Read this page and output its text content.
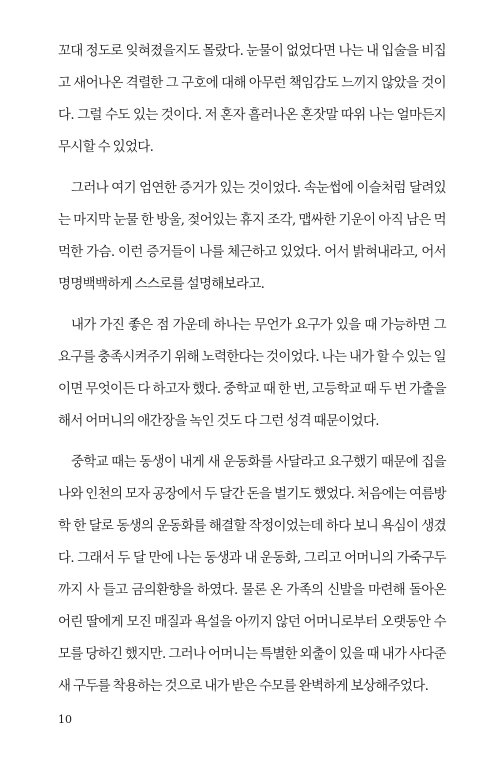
꼬대 정도로 잊혀졌을지도 몰랐다. 눈물이 없었다면 나는 내 입술을 비집고 새어나온 격렬한 그 구호에 대해 아무런 책임감도 느끼지 않았을 것이다. 그럴 수도 있는 것이다. 저 혼자 흘러나온 혼잣말 따위 나는 얼마든지 무시할 수 있었다.

그러나 여기 엄연한 증거가 있는 것이었다. 속눈썹에 이슬처럼 달려있는 마지막 눈물 한 방울, 젖어있는 휴지 조각, 맵싸한 기운이 아직 남은 먹먹한 가슴. 이런 증거들이 나를 체근하고 있었다. 어서 밝혀내라고, 어서 명명백백하게 스스로를 설명해보라고.

내가 가진 좋은 점 가운데 하나는 무언가 요구가 있을 때 가능하면 그 요구를 충족시켜주기 위해 노력한다는 것이었다. 나는 내가 할 수 있는 일이면 무엇이든 다 하고자 했다. 중학교 때 한 번, 고등학교 때 두 번 가출을 해서 어머니의 애간장을 녹인 것도 다 그런 성격 때문이었다.

중학교 때는 동생이 내게 새 운동화를 사달라고 요구했기 때문에 집을 나와 인천의 모자 공장에서 두 달간 돈을 벌기도 했었다. 처음에는 여름방학 한 달로 동생의 운동화를 해결할 작정이었는데 하다 보니 욕심이 생겼다. 그래서 두 달 만에 나는 동생과 내 운동화, 그리고 어머니의 가죽구두까지 사 들고 금의환향을 하였다. 물론 온 가족의 신발을 마련해 돌아온 어린 딸에게 모진 매질과 욕설을 아끼지 않던 어머니로부터 오랫동안 수모를 당하긴 했지만. 그러나 어머니는 특별한 외출이 있을 때 내가 사다준 새 구두를 착용하는 것으로 내가 받은 수모를 완벽하게 보상해주었다.

10
